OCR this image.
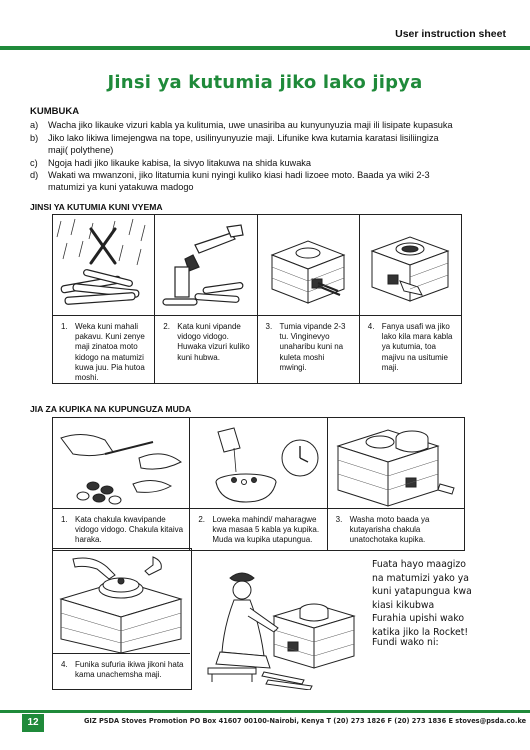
User instruction sheet
Jinsi ya kutumia jiko lako jipya
KUMBUKA
a)	Wacha jiko likauke vizuri kabla ya kulitumia, uwe unasiriba au kunyunyuzia maji ili lisipate kupasuka
b)	Jiko lako likiwa limejengwa na tope, usilinyunyuzie maji. Lifunike kwa kutamia karatasi lisiliingiza
maji( polythene)
c)	Ngoja hadi jiko likauke kabisa, la sivyo litakuwa na shida kuwaka
d)	Wakati wa mwanzoni, jiko litatumia kuni nyingi kuliko kiasi hadi lizoee moto. Baada ya wiki 2-3
matumizi ya kuni yatakuwa madogo
JINSI YA KUTUMIA KUNI VYEMA
1. Weka kuni mahali pakavu. Kuni zenye maji zinatoa moto kidogo na matumizi kuwa juu. Pia hutoa moshi.
2. Kata kuni vipande vidogo vidogo. Huwaka vizuri kuliko kuni hubwa.
3. Tumia vipande 2-3 tu. Vinginevyo unaharibu kuni na kuleta moshi mwingi.
4. Fanya usafi wa jiko lako kila mara kabla ya kutumia, toa majivu na usitumie maji.
JIA ZA KUPIKA NA KUPUNGUZA MUDA
1. Kata chakula kwavipande vidogo vidogo. Chakula kitaiva haraka.
2. Loweka mahindi/ maharagwe kwa masaa 5 kabla ya kupika. Muda wa kupika utapungua.
3. Washa moto baada ya kutayarisha chakula unatochotaka kupika.
4. Funika sufuria ikiwa jikoni hata kama unachemsha maji.
Fuata hayo maagizo
na matumizi yako ya
kuni yatapungua kwa
kiasi kikubwa
Furahia upishi wako
katika jiko la Rocket!
Fundi wako ni:
12	GIZ PSDA Stoves Promotion PO Box 41607 00100-Nairobi, Kenya T (20) 273 1826 F (20) 273 1836 E stoves@psda.co.ke
